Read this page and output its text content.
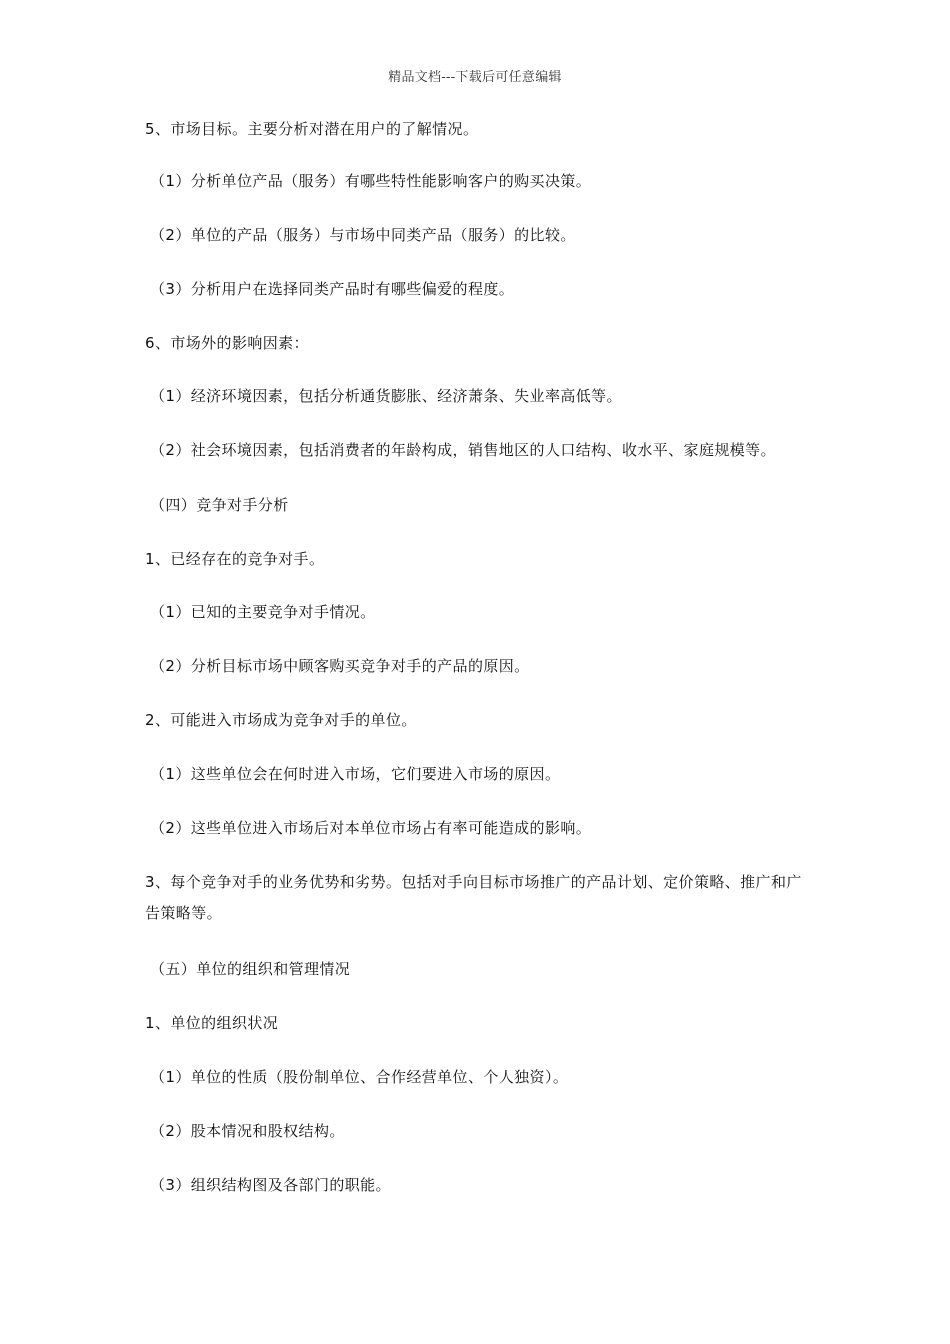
精品文档---下载后可任意编辑
5、市场目标。主要分析对潜在用户的了解情况。
（1）分析单位产品（服务）有哪些特性能影响客户的购买决策。
（2）单位的产品（服务）与市场中同类产品（服务）的比较。
（3）分析用户在选择同类产品时有哪些偏爱的程度。
6、市场外的影响因素：
（1）经济环境因素，包括分析通货膨胀、经济萧条、失业率高低等。
（2）社会环境因素，包括消费者的年龄构成，销售地区的人口结构、收水平、家庭规模等。
（四）竞争对手分析
1、已经存在的竞争对手。
（1）已知的主要竞争对手情况。
（2）分析目标市场中顾客购买竞争对手的产品的原因。
2、可能进入市场成为竞争对手的单位。
（1）这些单位会在何时进入市场，它们要进入市场的原因。
（2）这些单位进入市场后对本单位市场占有率可能造成的影响。
3、每个竞争对手的业务优势和劣势。包括对手向目标市场推广的产品计划、定价策略、推广和广告策略等。
（五）单位的组织和管理情况
1、单位的组织状况
（1）单位的性质（股份制单位、合作经营单位、个人独资）。
（2）股本情况和股权结构。
（3）组织结构图及各部门的职能。
